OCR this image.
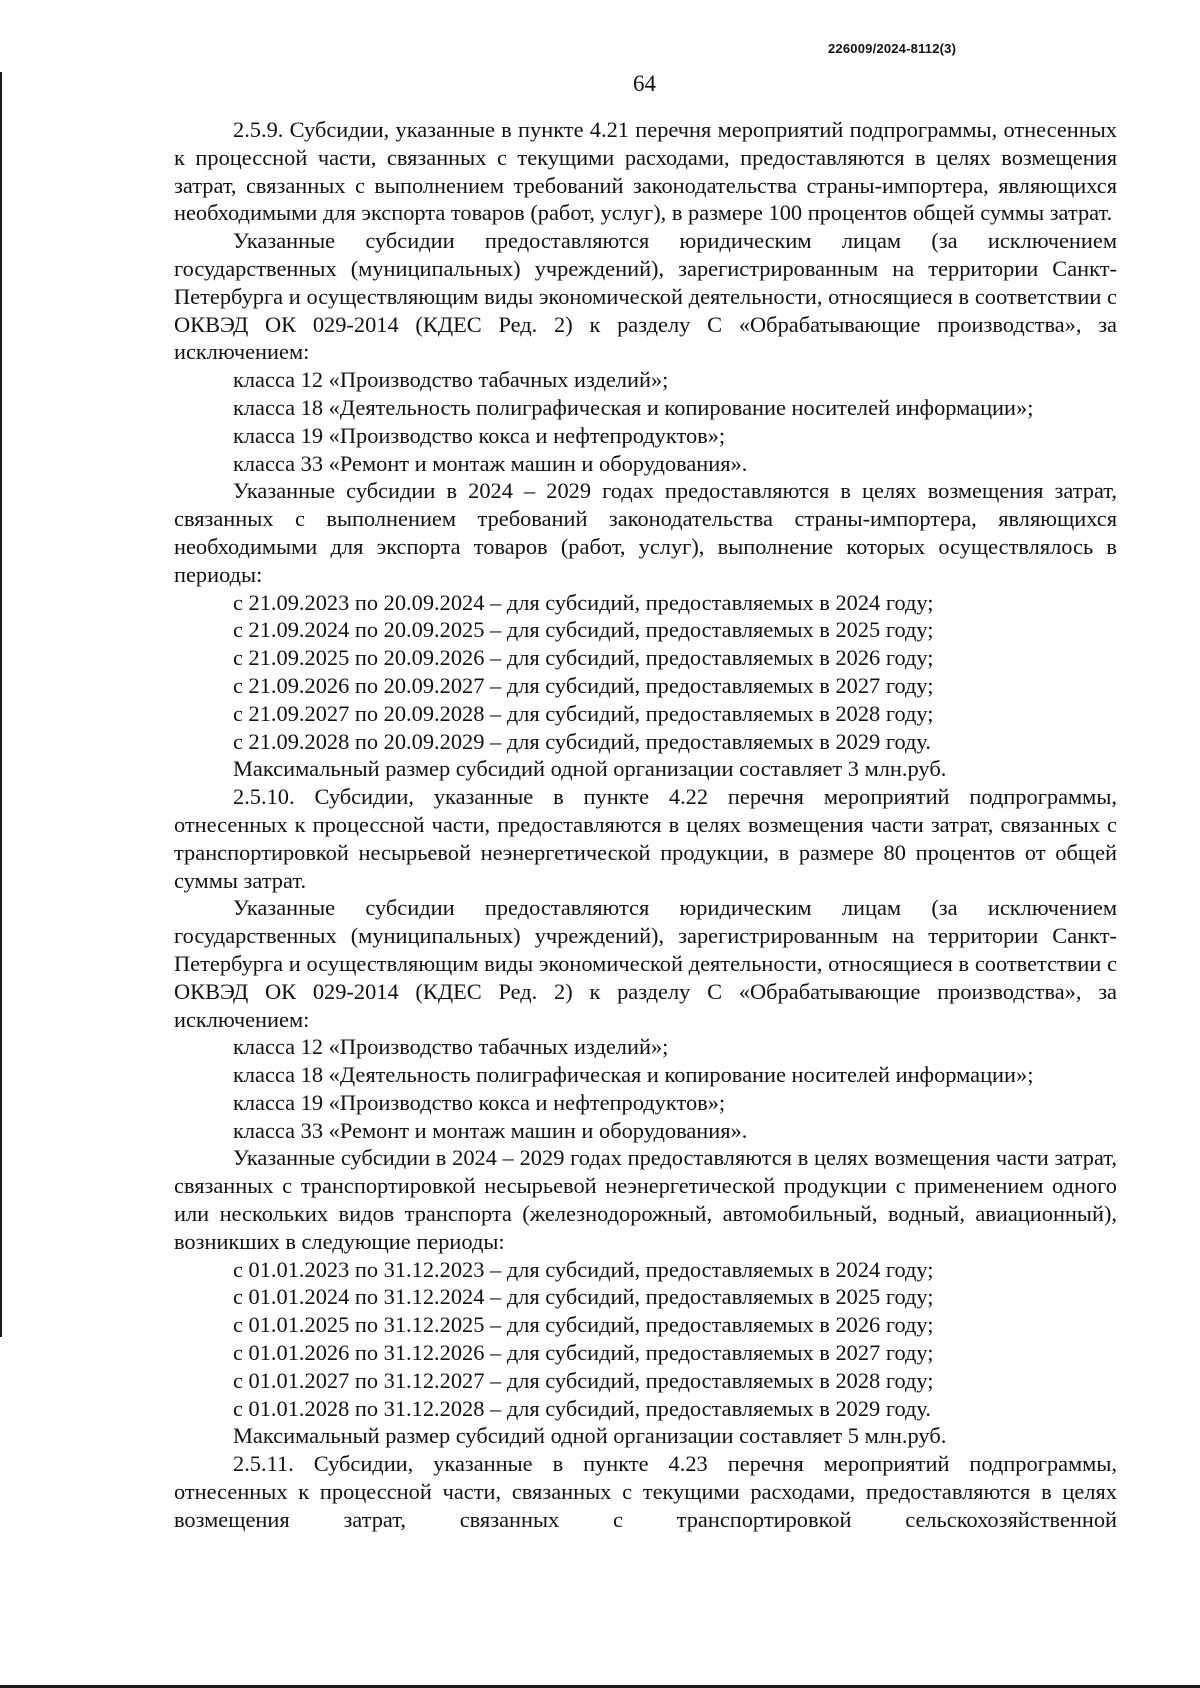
226009/2024-8112(3)
64

2.5.9. Субсидии, указанные в пункте 4.21 перечня мероприятий подпрограммы, отнесенных к процессной части, связанных с текущими расходами, предоставляются в целях возмещения затрат, связанных с выполнением требований законодательства страны-импортера, являющихся необходимыми для экспорта товаров (работ, услуг), в размере 100 процентов общей суммы затрат.

Указанные субсидии предоставляются юридическим лицам (за исключением государственных (муниципальных) учреждений), зарегистрированным на территории Санкт-Петербурга и осуществляющим виды экономической деятельности, относящиеся в соответствии с ОКВЭД ОК 029-2014 (КДЕС Ред. 2) к разделу С «Обрабатывающие производства», за исключением:

класса 12 «Производство табачных изделий»;

класса 18 «Деятельность полиграфическая и копирование носителей информации»;

класса 19 «Производство кокса и нефтепродуктов»;

класса 33 «Ремонт и монтаж машин и оборудования».

Указанные субсидии в 2024 – 2029 годах предоставляются в целях возмещения затрат, связанных с выполнением требований законодательства страны-импортера, являющихся необходимыми для экспорта товаров (работ, услуг), выполнение которых осуществлялось в периоды:

с 21.09.2023 по 20.09.2024 – для субсидий, предоставляемых в 2024 году;

с 21.09.2024 по 20.09.2025 – для субсидий, предоставляемых в 2025 году;

с 21.09.2025 по 20.09.2026 – для субсидий, предоставляемых в 2026 году;

с 21.09.2026 по 20.09.2027 – для субсидий, предоставляемых в 2027 году;

с 21.09.2027 по 20.09.2028 – для субсидий, предоставляемых в 2028 году;

с 21.09.2028 по 20.09.2029 – для субсидий, предоставляемых в 2029 году.

Максимальный размер субсидий одной организации составляет 3 млн.руб.

2.5.10. Субсидии, указанные в пункте 4.22 перечня мероприятий подпрограммы, отнесенных к процессной части, предоставляются в целях возмещения части затрат, связанных с транспортировкой несырьевой неэнергетической продукции, в размере 80 процентов от общей суммы затрат.

Указанные субсидии предоставляются юридическим лицам (за исключением государственных (муниципальных) учреждений), зарегистрированным на территории Санкт-Петербурга и осуществляющим виды экономической деятельности, относящиеся в соответствии с ОКВЭД ОК 029-2014 (КДЕС Ред. 2) к разделу С «Обрабатывающие производства», за исключением:

класса 12 «Производство табачных изделий»;

класса 18 «Деятельность полиграфическая и копирование носителей информации»;

класса 19 «Производство кокса и нефтепродуктов»;

класса 33 «Ремонт и монтаж машин и оборудования».

Указанные субсидии в 2024 – 2029 годах предоставляются в целях возмещения части затрат, связанных с транспортировкой несырьевой неэнергетической продукции с применением одного или нескольких видов транспорта (железнодорожный, автомобильный, водный, авиационный), возникших в следующие периоды:

с 01.01.2023 по 31.12.2023 – для субсидий, предоставляемых в 2024 году;

с 01.01.2024 по 31.12.2024 – для субсидий, предоставляемых в 2025 году;

с 01.01.2025 по 31.12.2025 – для субсидий, предоставляемых в 2026 году;

с 01.01.2026 по 31.12.2026 – для субсидий, предоставляемых в 2027 году;

с 01.01.2027 по 31.12.2027 – для субсидий, предоставляемых в 2028 году;

с 01.01.2028 по 31.12.2028 – для субсидий, предоставляемых в 2029 году.

Максимальный размер субсидий одной организации составляет 5 млн.руб.

2.5.11. Субсидии, указанные в пункте 4.23 перечня мероприятий подпрограммы, отнесенных к процессной части, связанных с текущими расходами, предоставляются в целях возмещения затрат, связанных с транспортировкой сельскохозяйственной
